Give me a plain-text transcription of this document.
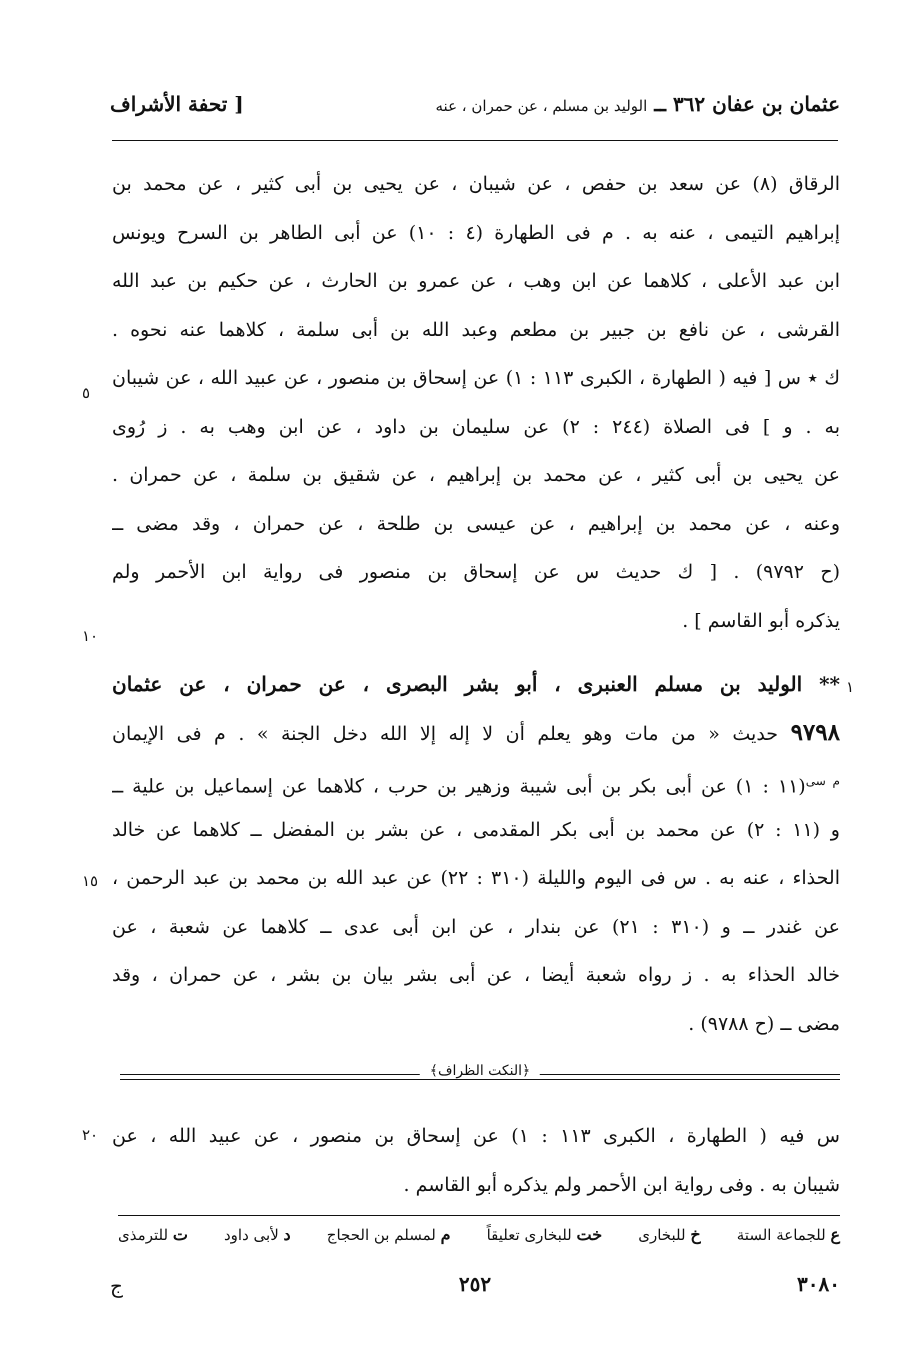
عثمان بن عفان ٣٦٢ ــ الوليد بن مسلم ، عن حمران ، عنه
[ تحفة الأشراف
الرقاق (٨) عن سعد بن حفص ، عن شيبان ، عن يحيى بن أبى كثير ، عن محمد بن
إبراهيم التيمى ، عنه به . م فى الطهارة (٤ : ١٠) عن أبى الطاهر بن السرح ويونس
ابن عبد الأعلى ، كلاهما عن ابن وهب ، عن عمرو بن الحارث ، عن حكيم بن عبد الله
القرشى ، عن نافع بن جبير بن مطعم وعبد الله بن أبى سلمة ، كلاهما عنه نحوه .
ك ٭ س [ فيه ( الطهارة ، الكبرى ١١٣ : ١) عن إسحاق بن منصور ، عن عبيد الله ، عن شيبان
به . و ] فى الصلاة (٢٤٤ : ٢) عن سليمان بن داود ، عن ابن وهب به . ز رُوى
عن يحيى بن أبى كثير ، عن محمد بن إبراهيم ، عن شقيق بن سلمة ، عن حمران .
وعنه ، عن محمد بن إبراهيم ، عن عيسى بن طلحة ، عن حمران ، وقد مضى ــ
(ح ٩٧٩٢) . [ ك حديث س عن إسحاق بن منصور فى رواية ابن الأحمر ولم
يذكره أبو القاسم ] .
** الوليد بن مسلم العنبرى ، أبو بشر البصرى ، عن حمران ، عن عثمان
٩٧٩٨ حديث « من مات وهو يعلم أن لا إله إلا الله دخل الجنة » . م فى الإيمان
$^{م سى}$(١١ : ١) عن أبى بكر بن أبى شيبة وزهير بن حرب ، كلاهما عن إسماعيل بن علية ــ
و (١١ : ٢) عن محمد بن أبى بكر المقدمى ، عن بشر بن المفضل ــ كلاهما عن خالد
الحذاء ، عنه به . س فى اليوم والليلة (٣١٠ : ٢٢) عن عبد الله بن محمد بن عبد الرحمن ،
عن غندر ــ و (٣١٠ : ٢١) عن بندار ، عن ابن أبى عدى ــ كلاهما عن شعبة ، عن
خالد الحذاء به . ز رواه شعبة أيضا ، عن أبى بشر بيان بن بشر ، عن حمران ، وقد
مضى ــ (ح ٩٧٨٨) .
﴿النكت الظراف﴾
س فيه ( الطهارة ، الكبرى ١١٣ : ١) عن إسحاق بن منصور ، عن عبيد الله ، عن
شيبان به . وفى رواية ابن الأحمر ولم يذكره أبو القاسم .
٥
١٠
١
١٥
٢٠
ع للجماعة الستة
خ للبخارى
خت للبخارى تعليقاً
م لمسلم بن الحجاج
د لأبى داود
ت للترمذى
٣٠٨٠
٢٥٢
ج
